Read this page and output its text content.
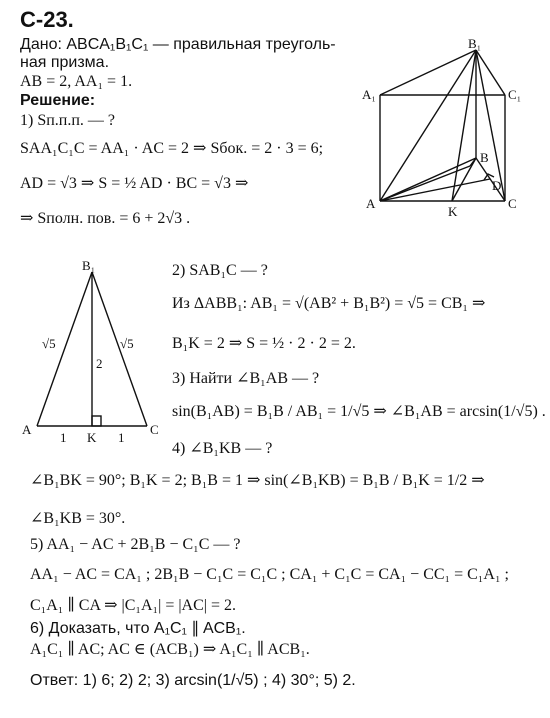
С-23.
Дано: ABCA₁B₁C₁ — правильная треуголь-
ная призма.
AB = 2, AA₁ = 1.
Решение:
1) Sп.п.п. — ?
SAA₁C₁C = AA₁ · AC = 2 ⇒ Sбок. = 2 · 3 = 6;
AD = √3 ⇒ S = ½ AD · BC = √3 ⇒
⇒ Sполн. пов. = 6 + 2√3 .
B₁
A₁	C₁
A
B
C
D
K
B₁
A	C
K
√5	√5
2
1	1
2) SAB₁C — ?
Из ΔABB₁: AB₁ = √(AB² + B₁B²) = √5 = CB₁ ⇒
B₁K = 2 ⇒ S = ½ · 2 · 2 = 2.
3) Найти ∠B₁AB — ?
sin(B₁AB) = B₁B / AB₁ = 1/√5 ⇒ ∠B₁AB = arcsin(1/√5) .
4) ∠B₁KB — ?
∠B₁BK = 90°; B₁K = 2; B₁B = 1 ⇒ sin(∠B₁KB) = B₁B / B₁K = 1/2 ⇒
∠B₁KB = 30°.
5) AA₁ − AC + 2B₁B − C₁C — ?
AA₁ − AC = CA₁ ; 2B₁B − C₁C = C₁C ; CA₁ + C₁C = CA₁ − CC₁ = C₁A₁ ;
C₁A₁ ∥ CA ⇒ |C₁A₁| = |AC| = 2.
6) Доказать, что A₁C₁ ∥ ACB₁.
A₁C₁ ∥ AC; AC ∈ (ACB₁) ⇒ A₁C₁ ∥ ACB₁.
Ответ: 1) 6; 2) 2; 3) arcsin(1/√5) ; 4) 30°; 5) 2.
